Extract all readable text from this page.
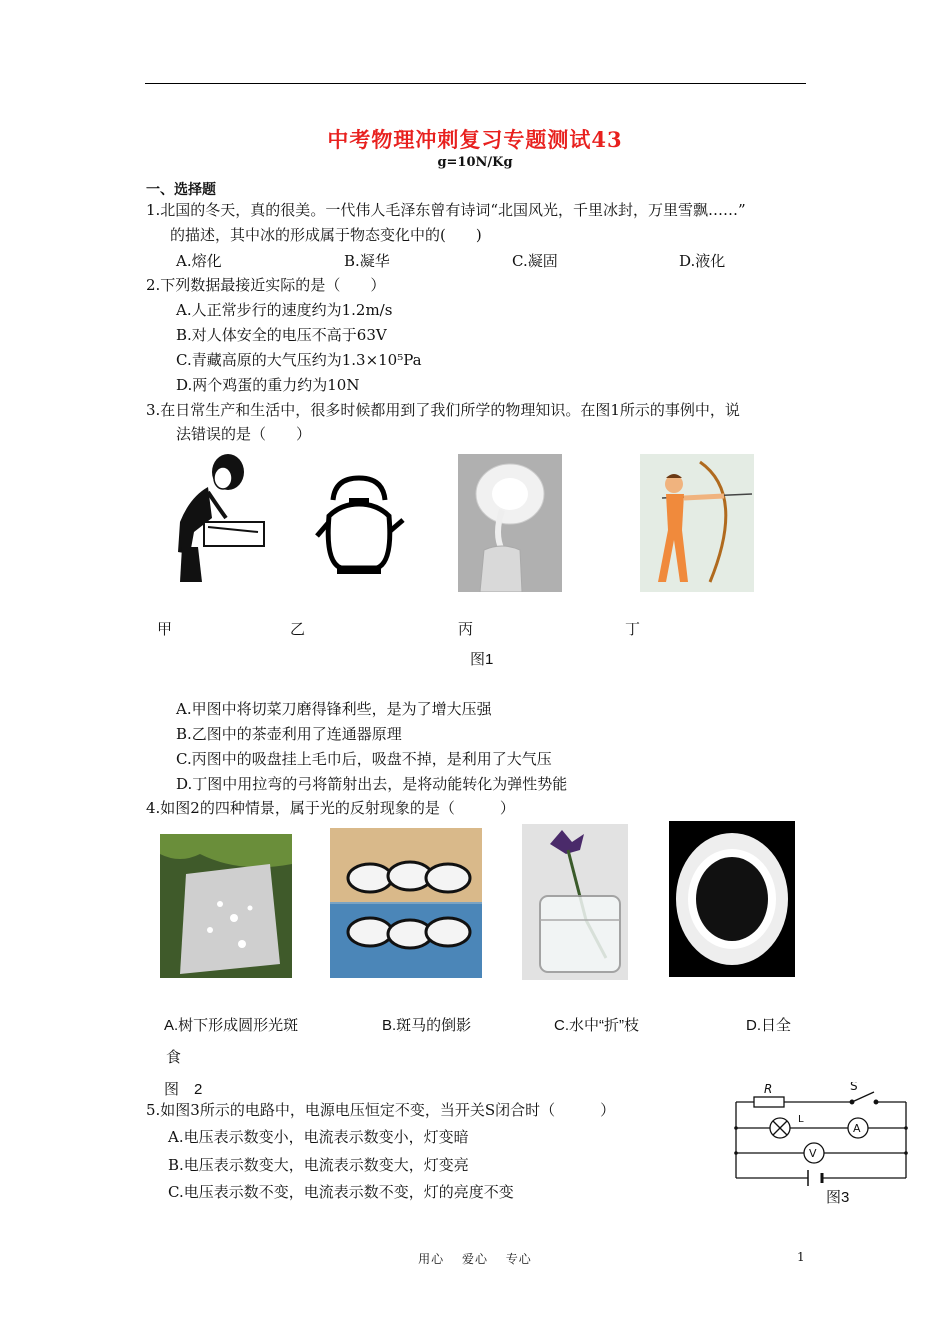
中考物理冲刺复习专题测试43
g=10N/Kg
一、选择题
1.北国的冬天，真的很美。一代伟人毛泽东曾有诗词“北国风光，千里冰封，万里雪飘……”
的描述，其中冰的形成属于物态变化中的(　　)
A.熔化	B.凝华	C.凝固	D.液化
2.下列数据最接近实际的是（　　）
A.人正常步行的速度约为1.2m/s
B.对人体安全的电压不高于63V
C.青藏高原的大气压约为1.3×10⁵Pa
D.两个鸡蛋的重力约为10N
3.在日常生产和生活中，很多时候都用到了我们所学的物理知识。在图1所示的事例中，说
法错误的是（　　）
甲	乙	丙	丁
图1
A.甲图中将切菜刀磨得锋利些，是为了增大压强
B.乙图中的茶壶利用了连通器原理
C.丙图中的吸盘挂上毛巾后，吸盘不掉，是利用了大气压
D.丁图中用拉弯的弓将箭射出去，是将动能转化为弹性势能
4.如图2的四种情景，属于光的反射现象的是（　　　）
A.树下形成圆形光斑	B.斑马的倒影	C.水中“折”枝	D.日全
食
图　2
5.如图3所示的电路中，电源电压恒定不变，当开关S闭合时（　　　）
A.电压表示数变小，电流表示数变小，灯变暗
B.电压表示数变大，电流表示数变大，灯变亮
C.电压表示数不变，电流表示数不变，灯的亮度不变
R	S
L
A
V
图3
用心　 爱心　 专心	1
